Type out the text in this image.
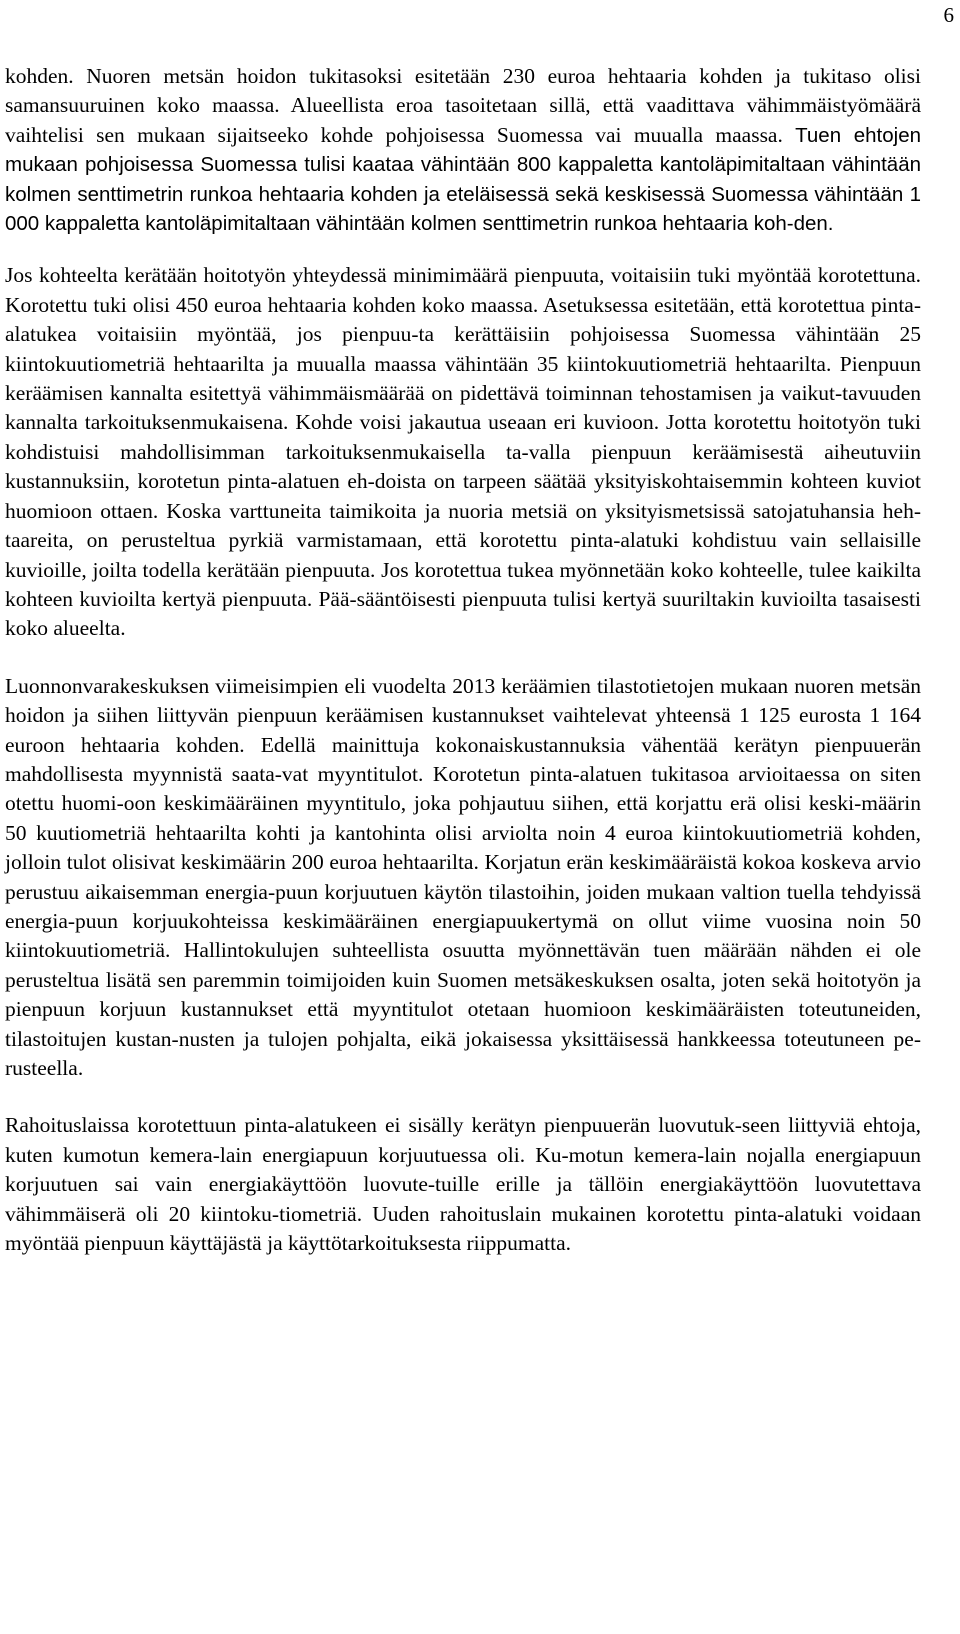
6

kohden. Nuoren metsän hoidon tukitasoksi esitetään 230 euroa hehtaaria kohden ja tukitaso olisi samansuuruinen koko maassa. Alueellista eroa tasoitetaan sillä, että vaadittava vähimmäistyömäärä vaihtelisi sen mukaan sijaitseeko kohde pohjoisessa Suomessa vai muualla maassa. Tuen ehtojen mukaan pohjoisessa Suomessa tulisi kaataa vähintään 800 kappaletta kantoläpimitaltaan vähintään kolmen senttimetrin runkoa hehtaaria kohden ja eteläisessä sekä keskisessä Suomessa vähintään 1 000 kappaletta kantoläpimitaltaan vähintään kolmen senttimetrin runkoa hehtaaria koh-den.

Jos kohteelta kerätään hoitotyön yhteydessä minimimäärä pienpuuta, voitaisiin tuki myöntää korotettuna. Korotettu tuki olisi 450 euroa hehtaaria kohden koko maassa. Asetuksessa esitetään, että korotettua pinta-alatukea voitaisiin myöntää, jos pienpuu-ta kerättäisiin pohjoisessa Suomessa vähintään 25 kiintokuutiometriä hehtaarilta ja muualla maassa vähintään 35 kiintokuutiometriä hehtaarilta. Pienpuun keräämisen kannalta esitettyä vähimmäismäärää on pidettävä toiminnan tehostamisen ja vaikut-tavuuden kannalta tarkoituksenmukaisena. Kohde voisi jakautua useaan eri kuvioon. Jotta korotettu hoitotyön tuki kohdistuisi mahdollisimman tarkoituksenmukaisella ta-valla pienpuun keräämisestä aiheutuviin kustannuksiin, korotetun pinta-alatuen eh-doista on tarpeen säätää yksityiskohtaisemmin kohteen kuviot huomioon ottaen. Koska varttuneita taimikoita ja nuoria metsiä on yksityismetsissä satojatuhansia heh-taareita, on perusteltua pyrkiä varmistamaan, että korotettu pinta-alatuki kohdistuu vain sellaisille kuvioille, joilta todella kerätään pienpuuta. Jos korotettua tukea myönnetään koko kohteelle, tulee kaikilta kohteen kuvioilta kertyä pienpuuta. Pää-sääntöisesti pienpuuta tulisi kertyä suuriltakin kuvioilta tasaisesti koko alueelta.

Luonnonvarakeskuksen viimeisimpien eli vuodelta 2013 keräämien tilastotietojen mukaan nuoren metsän hoidon ja siihen liittyvän pienpuun keräämisen kustannukset vaihtelevat yhteensä 1 125 eurosta 1 164 euroon hehtaaria kohden. Edellä mainittuja kokonaiskustannuksia vähentää kerätyn pienpuuerän mahdollisesta myynnistä saata-vat myyntitulot. Korotetun pinta-alatuen tukitasoa arvioitaessa on siten otettu huomi-oon keskimääräinen myyntitulo, joka pohjautuu siihen, että korjattu erä olisi keski-määrin 50 kuutiometriä hehtaarilta kohti ja kantohinta olisi arviolta noin 4 euroa kiintokuutiometriä kohden, jolloin tulot olisivat keskimäärin 200 euroa hehtaarilta. Korjatun erän keskimääräistä kokoa koskeva arvio perustuu aikaisemman energia-puun korjuutuen käytön tilastoihin, joiden mukaan valtion tuella tehdyissä energia-puun korjuukohteissa keskimääräinen energiapuukertymä on ollut viime vuosina noin 50 kiintokuutiometriä. Hallintokulujen suhteellista osuutta myönnettävän tuen määrään nähden ei ole perusteltua lisätä sen paremmin toimijoiden kuin Suomen metsäkeskuksen osalta, joten sekä hoitotyön ja pienpuun korjuun kustannukset että myyntitulot otetaan huomioon keskimääräisten toteutuneiden, tilastoitujen kustan-nusten ja tulojen pohjalta, eikä jokaisessa yksittäisessä hankkeessa toteutuneen pe-rusteella.

Rahoituslaissa korotettuun pinta-alatukeen ei sisälly kerätyn pienpuuerän luovutuk-seen liittyviä ehtoja, kuten kumotun kemera-lain energiapuun korjuutuessa oli. Ku-motun kemera-lain nojalla energiapuun korjuutuen sai vain energiakäyttöön luovute-tuille erille ja tällöin energiakäyttöön luovutettava vähimmäiserä oli 20 kiintoku-tiometriä. Uuden rahoituslain mukainen korotettu pinta-alatuki voidaan myöntää pienpuun käyttäjästä ja käyttötarkoituksesta riippumatta.
